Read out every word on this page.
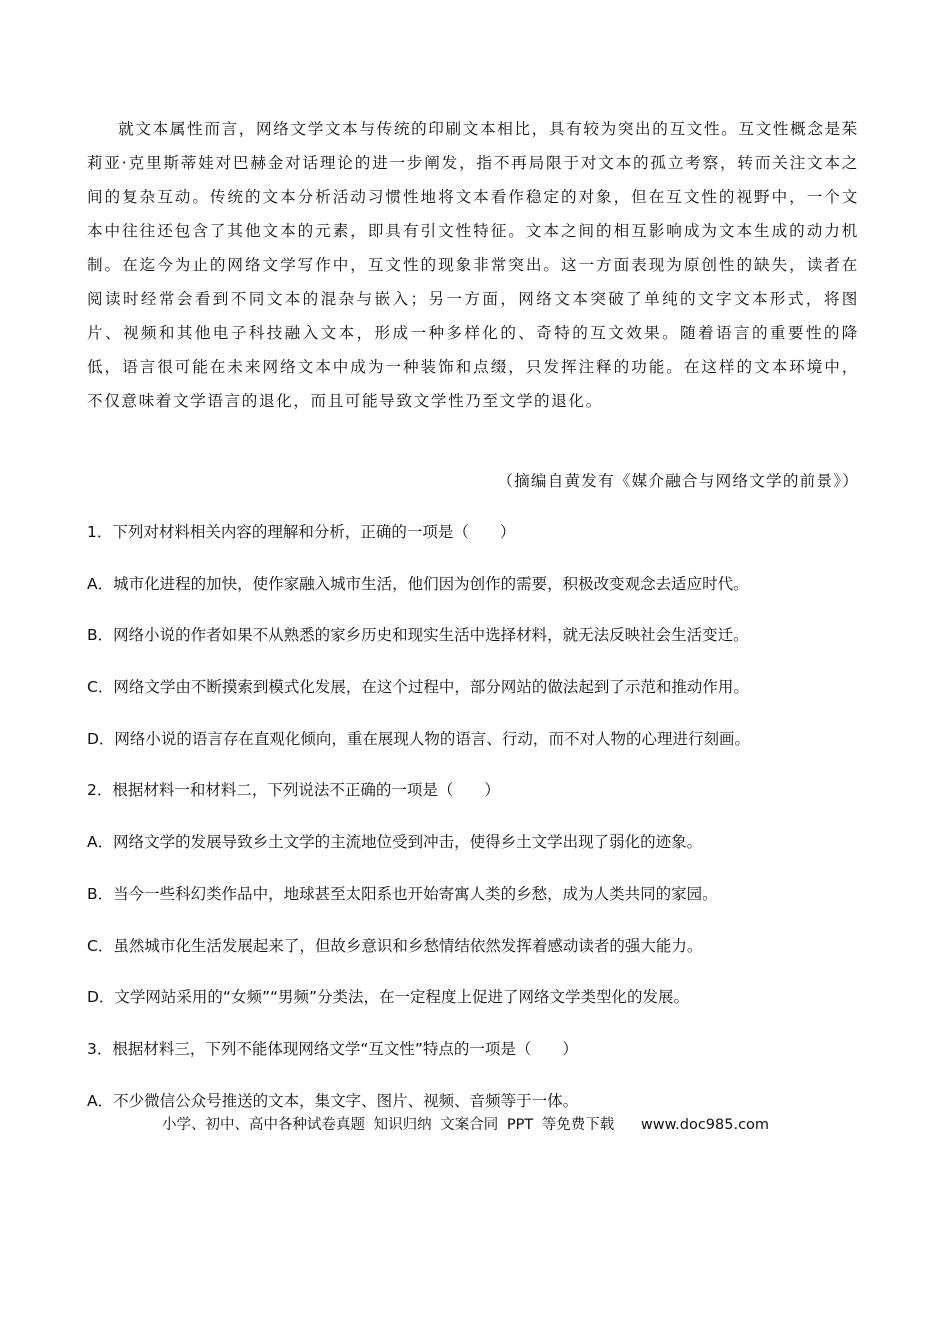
就文本属性而言，网络文学文本与传统的印刷文本相比，具有较为突出的互文性。互文性概念是茱莉亚·克里斯蒂娃对巴赫金对话理论的进一步阐发，指不再局限于对文本的孤立考察，转而关注文本之间的复杂互动。传统的文本分析活动习惯性地将文本看作稳定的对象，但在互文性的视野中，一个文本中往往还包含了其他文本的元素，即具有引文性特征。文本之间的相互影响成为文本生成的动力机制。在迄今为止的网络文学写作中，互文性的现象非常突出。这一方面表现为原创性的缺失，读者在阅读时经常会看到不同文本的混杂与嵌入；另一方面，网络文本突破了单纯的文字文本形式，将图片、视频和其他电子科技融入文本，形成一种多样化的、奇特的互文效果。随着语言的重要性的降低，语言很可能在未来网络文本中成为一种装饰和点缀，只发挥注释的功能。在这样的文本环境中，不仅意味着文学语言的退化，而且可能导致文学性乃至文学的退化。

（摘编自黄发有《媒介融合与网络文学的前景》）

1．下列对材料相关内容的理解和分析，正确的一项是（　　）

A．城市化进程的加快，使作家融入城市生活，他们因为创作的需要，积极改变观念去适应时代。

B．网络小说的作者如果不从熟悉的家乡历史和现实生活中选择材料，就无法反映社会生活变迁。

C．网络文学由不断摸索到模式化发展，在这个过程中，部分网站的做法起到了示范和推动作用。

D．网络小说的语言存在直观化倾向，重在展现人物的语言、行动，而不对人物的心理进行刻画。

2．根据材料一和材料二，下列说法不正确的一项是（　　）

A．网络文学的发展导致乡土文学的主流地位受到冲击，使得乡土文学出现了弱化的迹象。

B．当今一些科幻类作品中，地球甚至太阳系也开始寄寓人类的乡愁，成为人类共同的家园。

C．虽然城市化生活发展起来了，但故乡意识和乡愁情结依然发挥着感动读者的强大能力。

D．文学网站采用的“女频”“男频”分类法，在一定程度上促进了网络文学类型化的发展。

3．根据材料三，下列不能体现网络文学“互文性”特点的一项是（　　）

A．不少微信公众号推送的文本，集文字、图片、视频、音频等于一体。

小学、初中、高中各种试卷真题 知识归纳 文案合同 PPT 等免费下载 www.doc985.com
